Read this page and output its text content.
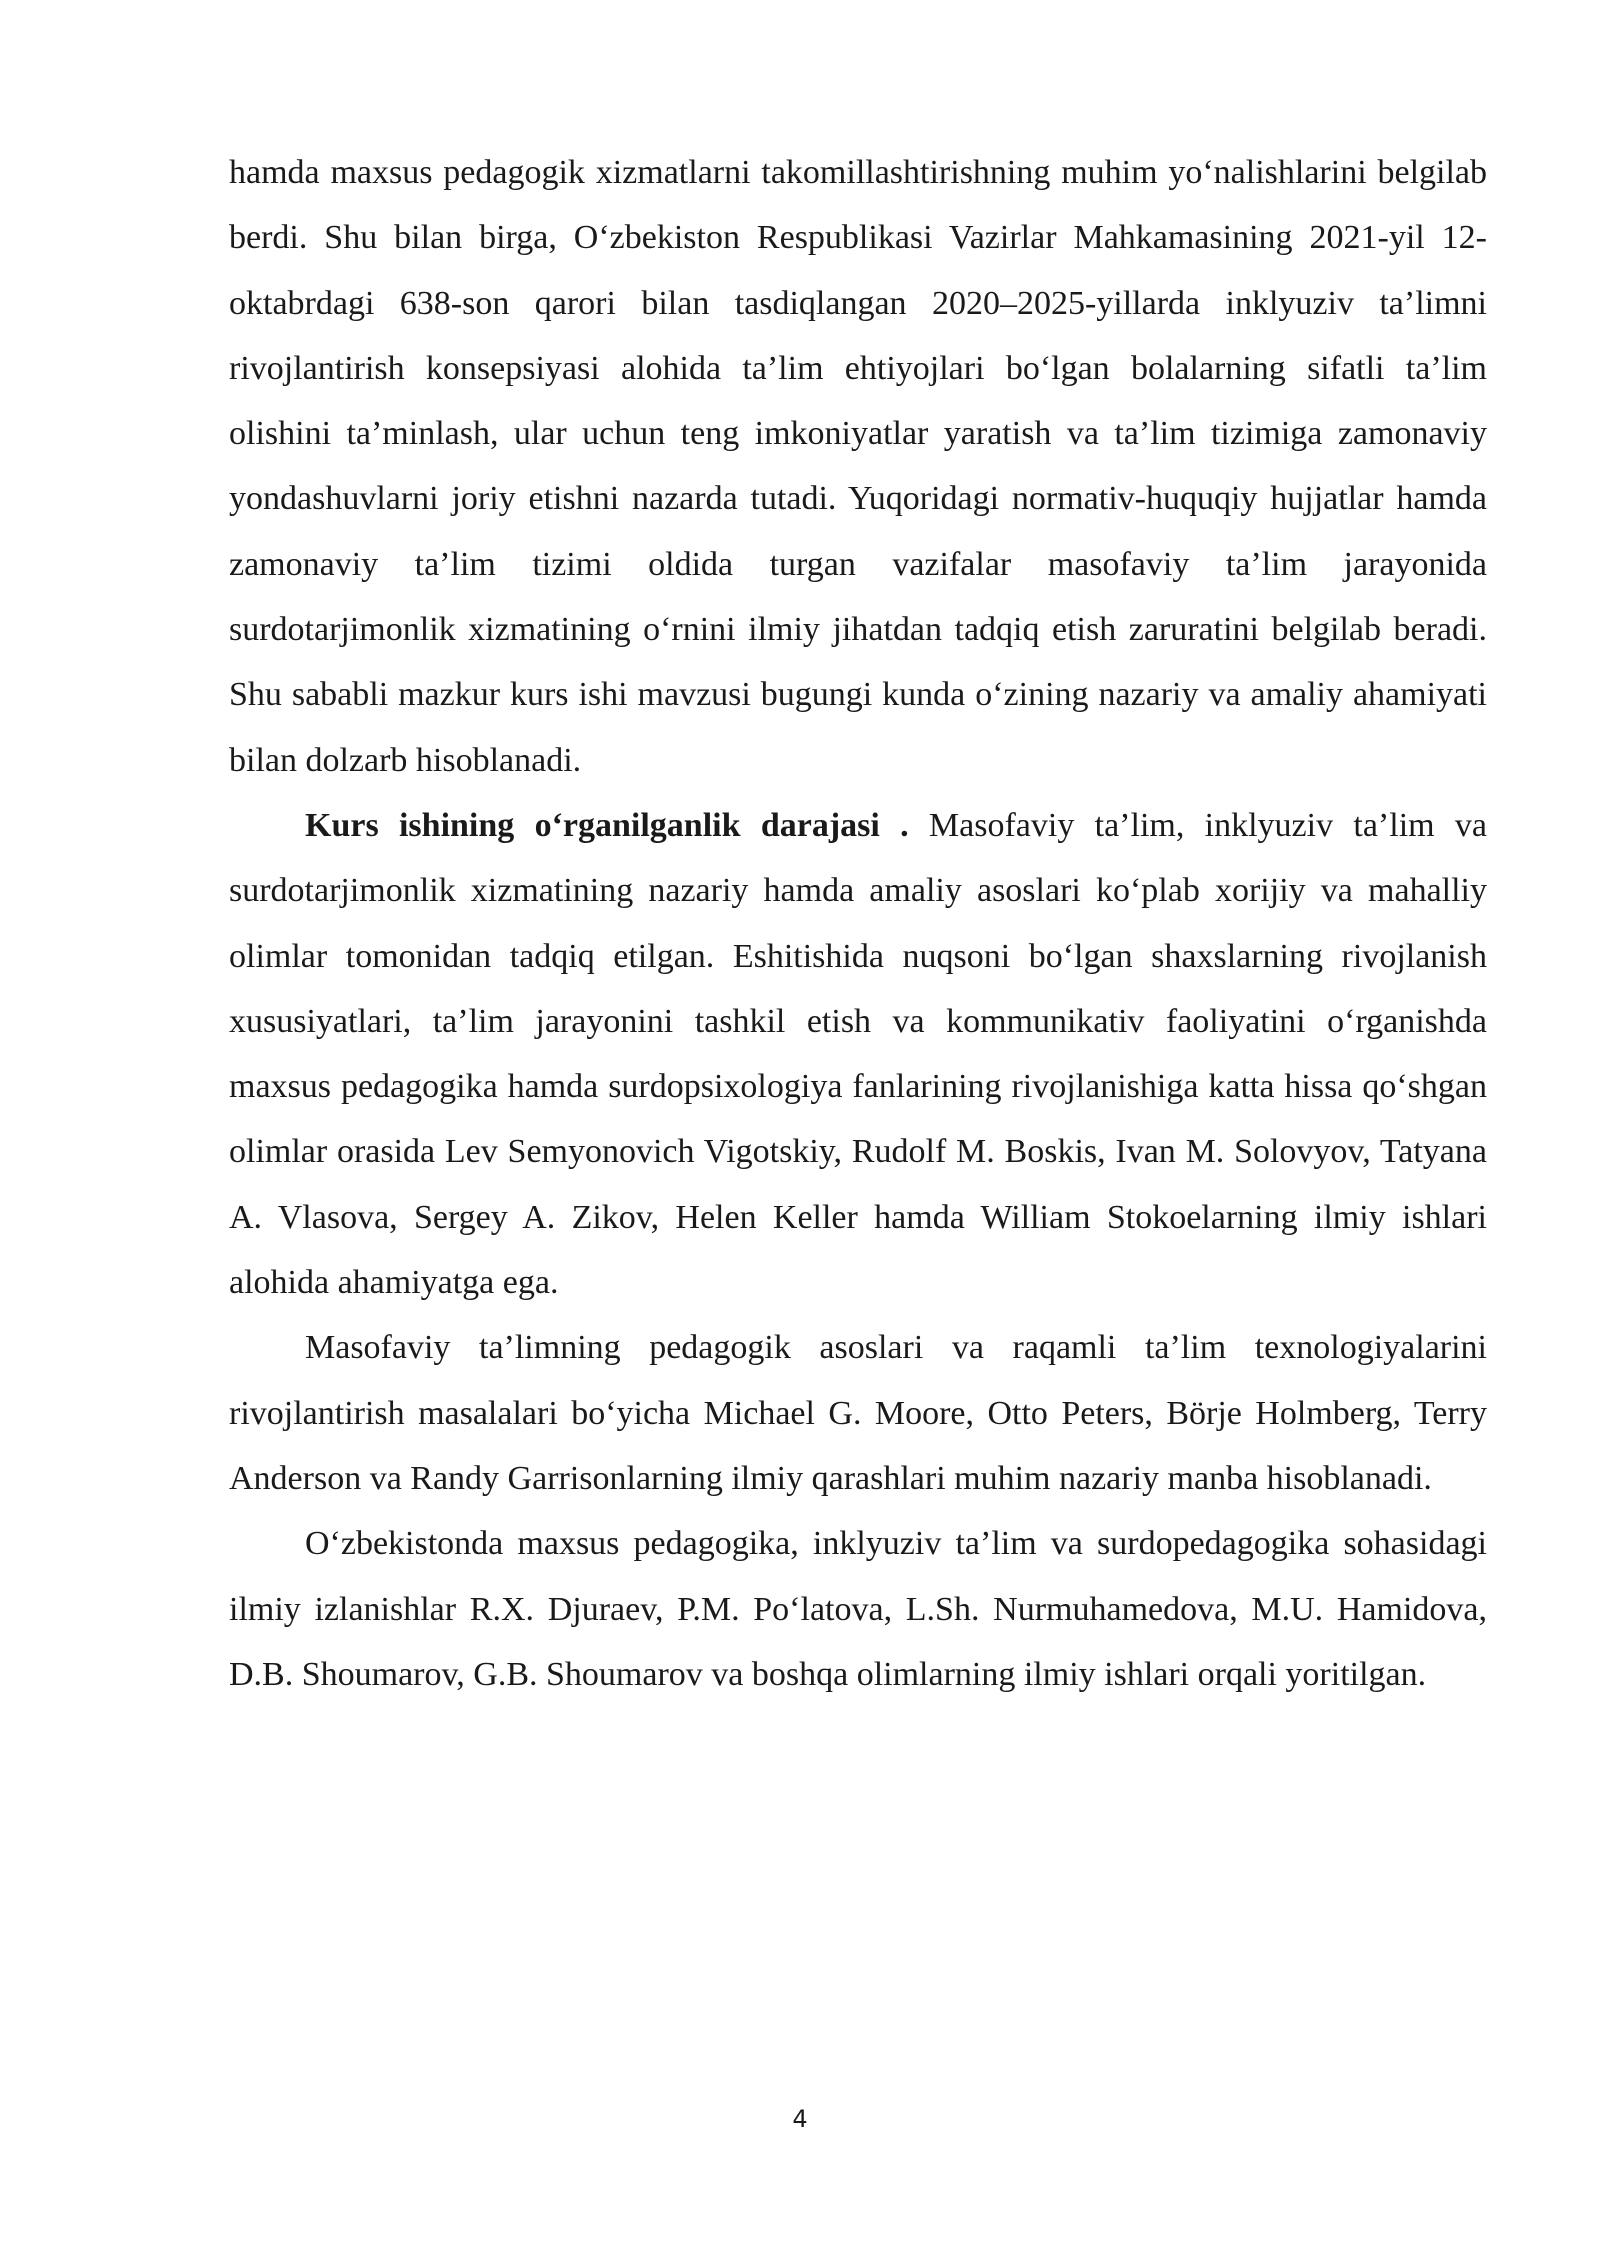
hamda maxsus pedagogik xizmatlarni takomillashtirishning muhim yo‘nalishlarini belgilab berdi. Shu bilan birga, O‘zbekiston Respublikasi Vazirlar Mahkamasining 2021-yil 12-oktabrdagi 638-son qarori bilan tasdiqlangan 2020–2025-yillarda inklyuziv ta’limni rivojlantirish konsepsiyasi alohida ta’lim ehtiyojlari bo‘lgan bolalarning sifatli ta’lim olishini ta’minlash, ular uchun teng imkoniyatlar yaratish va ta’lim tizimiga zamonaviy yondashuvlarni joriy etishni nazarda tutadi. Yuqoridagi normativ-huquqiy hujjatlar hamda zamonaviy ta’lim tizimi oldida turgan vazifalar masofaviy ta’lim jarayonida surdotarjimonlik xizmatining o‘rnini ilmiy jihatdan tadqiq etish zaruratini belgilab beradi. Shu sababli mazkur kurs ishi mavzusi bugungi kunda o‘zining nazariy va amaliy ahamiyati bilan dolzarb hisoblanadi.

Kurs ishining o‘rganilganlik darajasi . Masofaviy ta’lim, inklyuziv ta’lim va surdotarjimonlik xizmatining nazariy hamda amaliy asoslari ko‘plab xorijiy va mahalliy olimlar tomonidan tadqiq etilgan. Eshitishida nuqsoni bo‘lgan shaxslarning rivojlanish xususiyatlari, ta’lim jarayonini tashkil etish va kommunikativ faoliyatini o‘rganishda maxsus pedagogika hamda surdopsixologiya fanlarining rivojlanishiga katta hissa qo‘shgan olimlar orasida Lev Semyonovich Vigotskiy, Rudolf M. Boskis, Ivan M. Solovyov, Tatyana A. Vlasova, Sergey A. Zikov, Helen Keller hamda William Stokoelarning ilmiy ishlari alohida ahamiyatga ega.

Masofaviy ta’limning pedagogik asoslari va raqamli ta’lim texnologiyalarini rivojlantirish masalalari bo‘yicha Michael G. Moore, Otto Peters, Börje Holmberg, Terry Anderson va Randy Garrisonlarning ilmiy qarashlari muhim nazariy manba hisoblanadi.

O‘zbekistonda maxsus pedagogika, inklyuziv ta’lim va surdopedagogika sohasidagi ilmiy izlanishlar R.X. Djuraev, P.M. Po‘latova, L.Sh. Nurmuhamedova, M.U. Hamidova, D.B. Shoumarov, G.B. Shoumarov va boshqa olimlarning ilmiy ishlari orqali yoritilgan.

4
